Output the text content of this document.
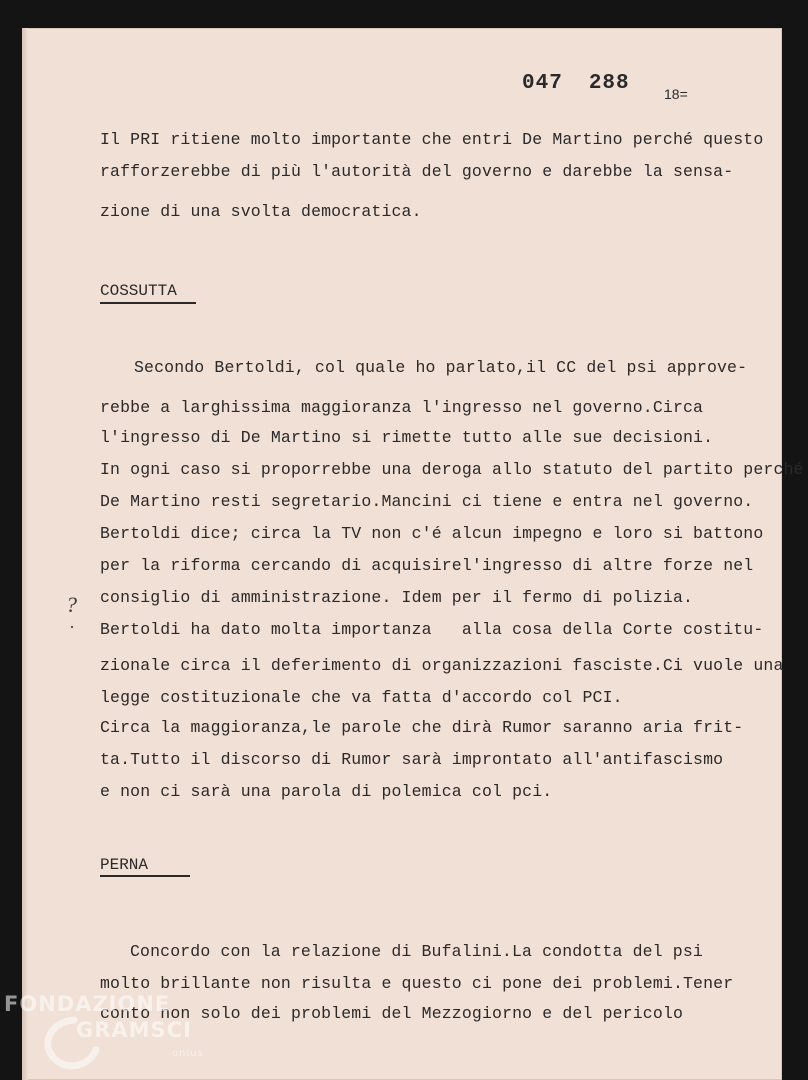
047 288	18=
Il PRI ritiene molto importante che entri De Martino perché questo
rafforzerebbe di più l'autorità del governo e darebbe la sensa-
zione di una svolta democratica.
COSSUTTA
Secondo Bertoldi, col quale ho parlato,il CC del psi approve-
rebbe a larghissima maggioranza l'ingresso nel governo.Circa
l'ingresso di De Martino si rimette tutto alle sue decisioni.
In ogni caso si proporrebbe una deroga allo statuto del partito perché
De Martino resti segretario.Mancini ci tiene e entra nel governo.
Bertoldi dice; circa la TV non c'é alcun impegno e loro si battono
per la riforma cercando di acquisirel'ingresso di altre forze nel
consiglio di amministrazione. Idem per il fermo di polizia.
Bertoldi ha dato molta importanza   alla cosa della Corte costitu-
zionale circa il deferimento di organizzazioni fasciste.Ci vuole una
legge costituzionale che va fatta d'accordo col PCI.
Circa la maggioranza,le parole che dirà Rumor saranno aria frit-
ta.Tutto il discorso di Rumor sarà improntato all'antifascismo
e non ci sarà una parola di polemica col pci.
PERNA
Concordo con la relazione di Bufalini.La condotta del psi
molto brillante non risulta e questo ci pone dei problemi.Tener
conto non solo dei problemi del Mezzogiorno e del pericolo
?
FONDAZIONE
GRAMSCI
onlus
